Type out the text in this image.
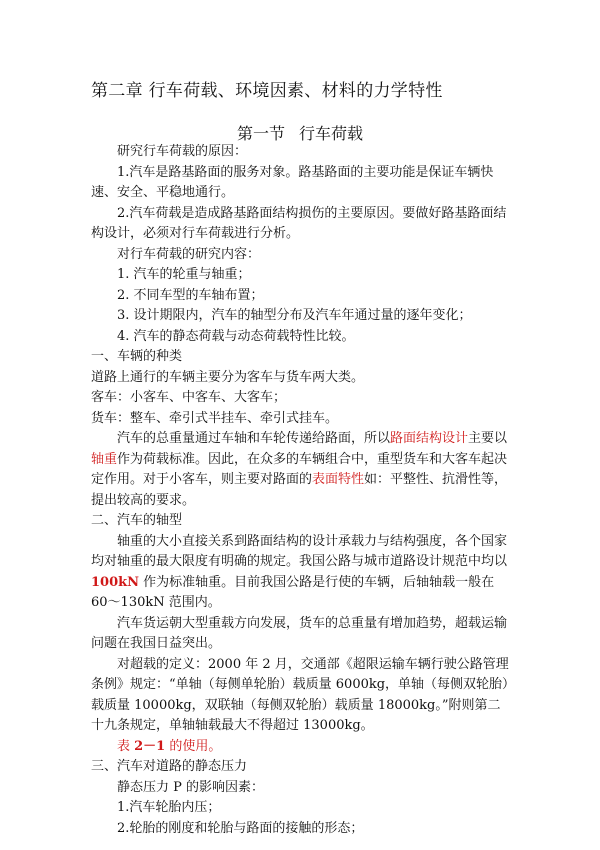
第二章 行车荷载、环境因素、材料的力学特性
第一节 行车荷载

研究行车荷载的原因：

1.汽车是路基路面的服务对象。路基路面的主要功能是保证车辆快速、安全、平稳地通行。

2.汽车荷载是造成路基路面结构损伤的主要原因。要做好路基路面结构设计，必须对行车荷载进行分析。

对行车荷载的研究内容：

1. 汽车的轮重与轴重；

2. 不同车型的车轴布置；

3. 设计期限内，汽车的轴型分布及汽车年通过量的逐年变化；

4. 汽车的静态荷载与动态荷载特性比较。

一、车辆的种类

道路上通行的车辆主要分为客车与货车两大类。

客车：小客车、中客车、大客车；

货车：整车、牵引式半挂车、牵引式挂车。

汽车的总重量通过车轴和车轮传递给路面，所以路面结构设计主要以轴重作为荷载标准。因此，在众多的车辆组合中，重型货车和大客车起决定作用。对于小客车，则主要对路面的表面特性如：平整性、抗滑性等，提出较高的要求。

二、汽车的轴型

轴重的大小直接关系到路面结构的设计承载力与结构强度，各个国家均对轴重的最大限度有明确的规定。我国公路与城市道路设计规范中均以 100kN 作为标准轴重。目前我国公路是行使的车辆，后轴轴载一般在 60～130kN 范围内。

汽车货运朝大型重载方向发展，货车的总重量有增加趋势，超载运输问题在我国日益突出。

对超载的定义：2000 年 2 月，交通部《超限运输车辆行驶公路管理条例》规定：“单轴（每侧单轮胎）载质量 6000kg，单轴（每侧双轮胎）载质量 10000kg，双联轴（每侧双轮胎）载质量 18000kg。”附则第二十九条规定，单轴轴载最大不得超过 13000kg。

表 2－1 的使用。

三、汽车对道路的静态压力

静态压力 P 的影响因素：

1.汽车轮胎内压；

2.轮胎的刚度和轮胎与路面的接触的形态；
